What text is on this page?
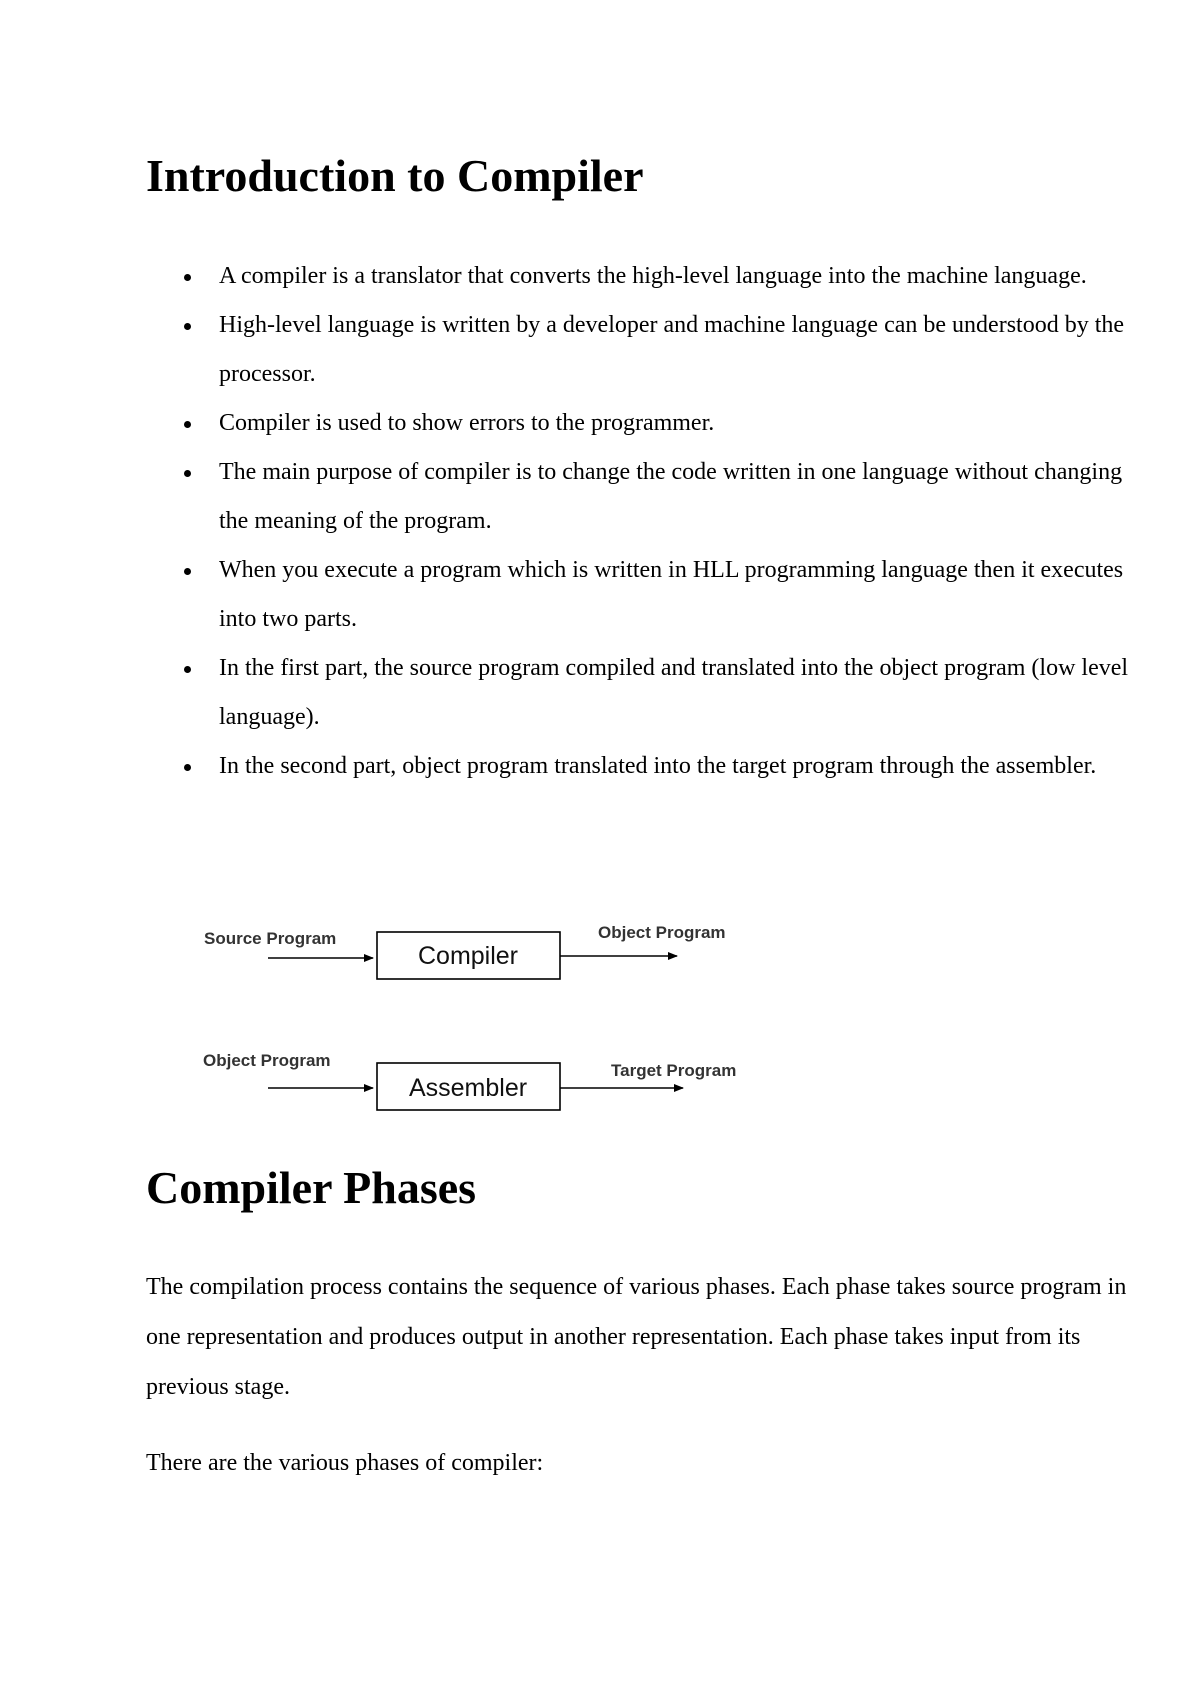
Introduction to Compiler
A compiler is a translator that converts the high-level language into the machine language.
High-level language is written by a developer and machine language can be understood by the processor.
Compiler is used to show errors to the programmer.
The main purpose of compiler is to change the code written in one language without changing the meaning of the program.
When you execute a program which is written in HLL programming language then it executes into two parts.
In the first part, the source program compiled and translated into the object program (low level language).
In the second part, object program translated into the target program through the assembler.
Source Program
Compiler
Object Program
Object Program
Assembler
Target Program
Compiler Phases

The compilation process contains the sequence of various phases. Each phase takes source program in one representation and produces output in another representation. Each phase takes input from its previous stage.

There are the various phases of compiler:
